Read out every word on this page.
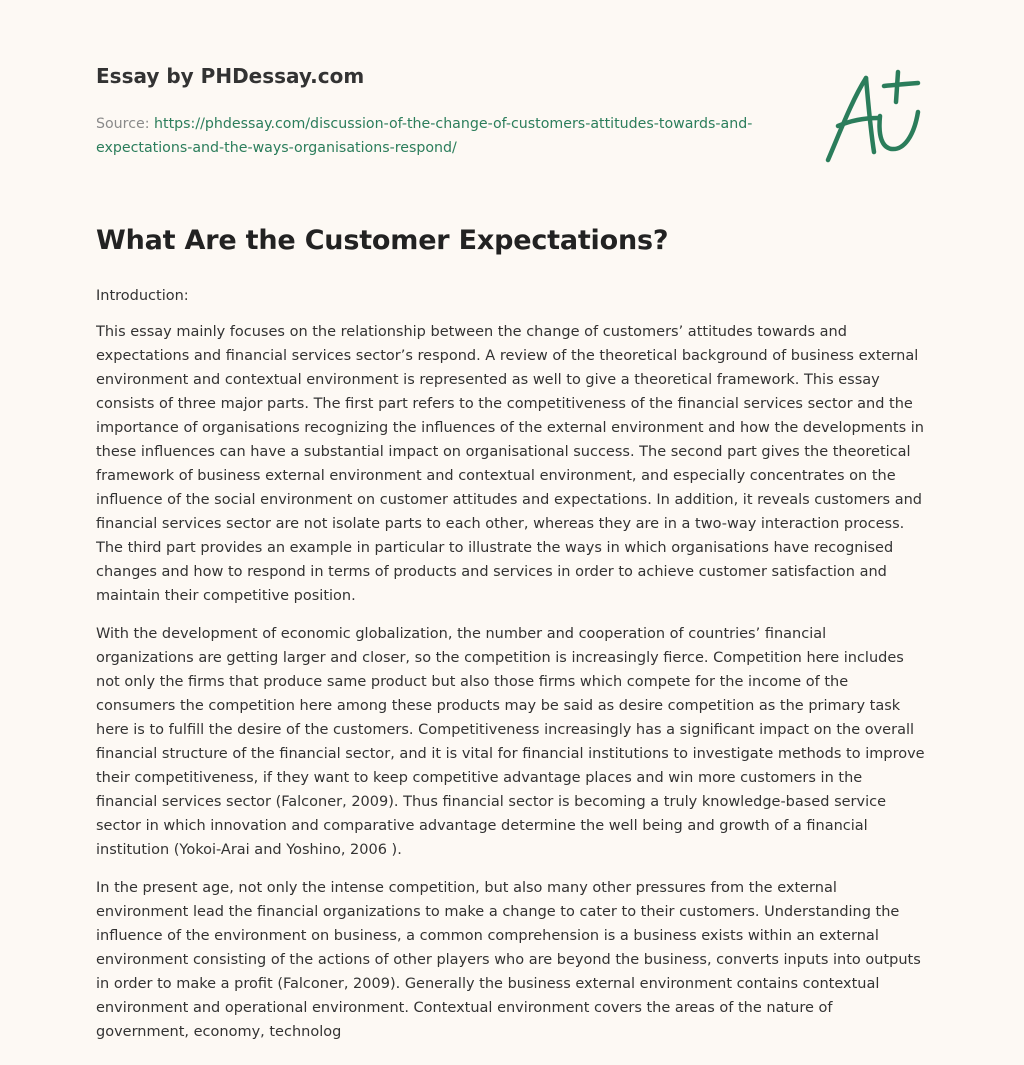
Essay by PHDessay.com
Source: https://phdessay.com/discussion-of-the-change-of-customers-attitudes-towards-and-expectations-and-the-ways-organisations-respond/
What Are the Customer Expectations?

Introduction:

This essay mainly focuses on the relationship between the change of customers’ attitudes towards and expectations and financial services sector’s respond. A review of the theoretical background of business external environment and contextual environment is represented as well to give a theoretical framework. This essay consists of three major parts. The first part refers to the competitiveness of the financial services sector and the importance of organisations recognizing the influences of the external environment and how the developments in these influences can have a substantial impact on organisational success. The second part gives the theoretical framework of business external environment and contextual environment, and especially concentrates on the influence of the social environment on customer attitudes and expectations. In addition, it reveals customers and financial services sector are not isolate parts to each other, whereas they are in a two-way interaction process. The third part provides an example in particular to illustrate the ways in which organisations have recognised changes and how to respond in terms of products and services in order to achieve customer satisfaction and maintain their competitive position.

With the development of economic globalization, the number and cooperation of countries’ financial organizations are getting larger and closer, so the competition is increasingly fierce. Competition here includes not only the firms that produce same product but also those firms which compete for the income of the consumers the competition here among these products may be said as desire competition as the primary task here is to fulfill the desire of the customers. Competitiveness increasingly has a significant impact on the overall financial structure of the financial sector, and it is vital for financial institutions to investigate methods to improve their competitiveness, if they want to keep competitive advantage places and win more customers in the financial services sector (Falconer, 2009). Thus financial sector is becoming a truly knowledge-based service sector in which innovation and comparative advantage determine the well being and growth of a financial institution (Yokoi-Arai and Yoshino, 2006 ).

In the present age, not only the intense competition, but also many other pressures from the external environment lead the financial organizations to make a change to cater to their customers. Understanding the influence of the environment on business, a common comprehension is a business exists within an external environment consisting of the actions of other players who are beyond the business, converts inputs into outputs in order to make a profit (Falconer, 2009). Generally the business external environment contains contextual environment and operational environment. Contextual environment covers the areas of the nature of government, economy, technolog
